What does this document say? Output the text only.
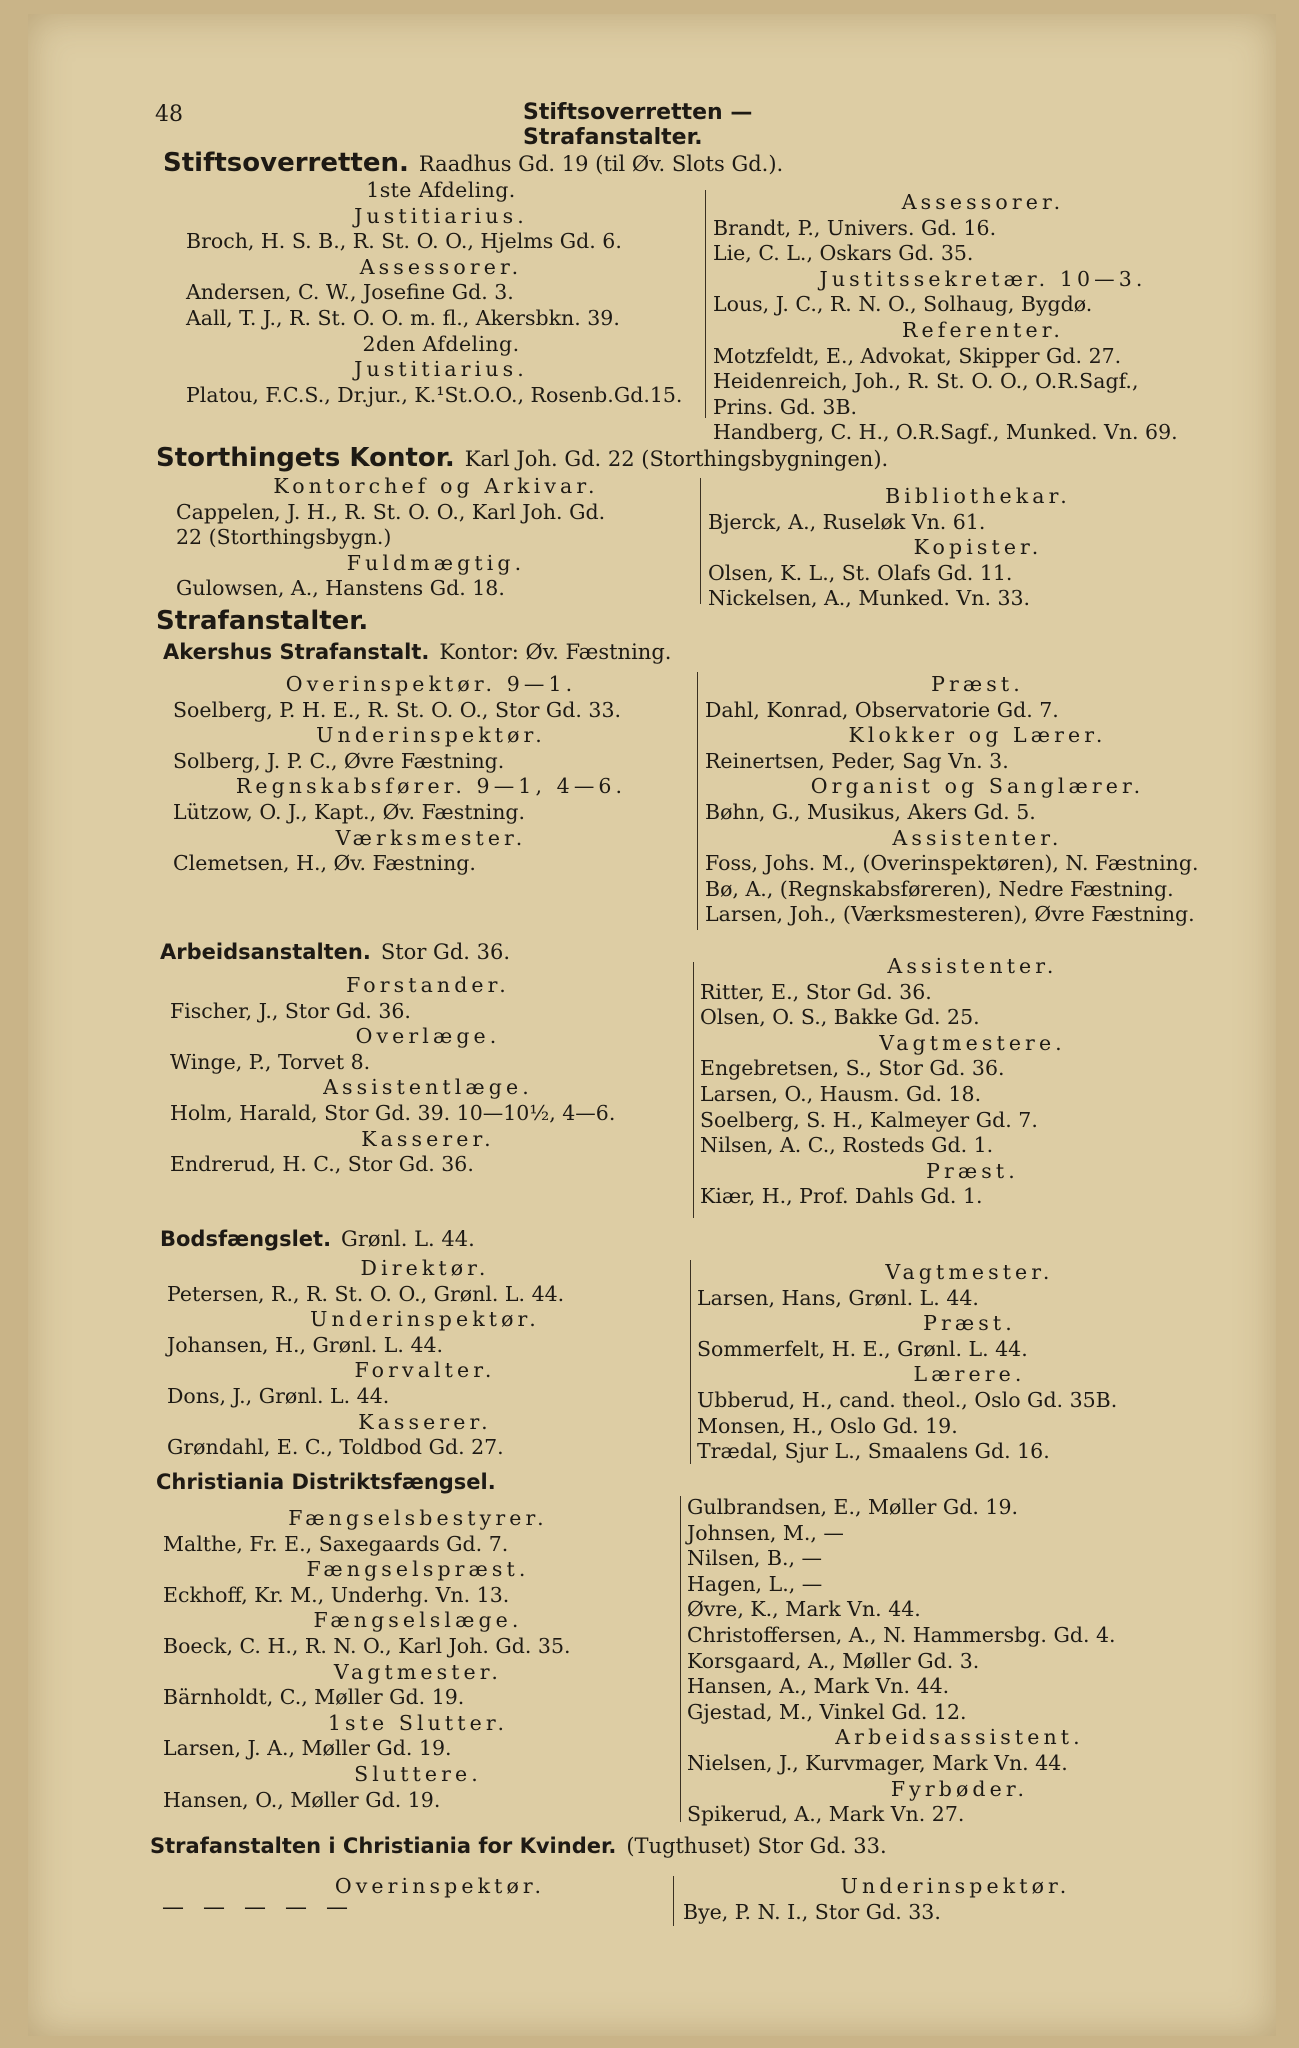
48	Stiftsoverretten — Strafanstalter.
Stiftsoverretten. Raadhus Gd. 19 (til Øv. Slots Gd.).
Storthingets Kontor. Karl Joh. Gd. 22 (Storthingsbygningen).
Strafanstalter.
Akershus Strafanstalt. Kontor: Øv. Fæstning.
Arbeidsanstalten. Stor Gd. 36.
Bodsfængslet. Grønl. L. 44.
Christiania Distriktsfængsel.
Strafanstalten i Christiania for Kvinder. (Tugthuset) Stor Gd. 33.
1ste Afdeling.
Justitiarius.
Broch, H. S. B., R. St. O. O., Hjelms Gd. 6.
Assessorer.
Andersen, C. W., Josefine Gd. 3.
Aall, T. J., R. St. O. O. m. fl., Akersbkn. 39.
2den Afdeling.
Justitiarius.
Platou, F.C.S., Dr.jur., K.¹St.O.O., Rosenb.Gd.15.
Assessorer.
Brandt, P., Univers. Gd. 16.
Lie, C. L., Oskars Gd. 35.
Justitssekretær. 10—3.
Lous, J. C., R. N. O., Solhaug, Bygdø.
Referenter.
Motzfeldt, E., Advokat, Skipper Gd. 27.
Heidenreich, Joh., R. St. O. O., O.R.Sagf.,
Prins. Gd. 3B.
Handberg, C. H., O.R.Sagf., Munked. Vn. 69.
Kontorchef og Arkivar.
Cappelen, J. H., R. St. O. O., Karl Joh. Gd.
22 (Storthingsbygn.)
Fuldmægtig.
Gulowsen, A., Hanstens Gd. 18.
Bibliothekar.
Bjerck, A., Ruseløk Vn. 61.
Kopister.
Olsen, K. L., St. Olafs Gd. 11.
Nickelsen, A., Munked. Vn. 33.
Overinspektør. 9—1.
Soelberg, P. H. E., R. St. O. O., Stor Gd. 33.
Underinspektør.
Solberg, J. P. C., Øvre Fæstning.
Regnskabsfører. 9—1, 4—6.
Lützow, O. J., Kapt., Øv. Fæstning.
Værksmester.
Clemetsen, H., Øv. Fæstning.
Præst.
Dahl, Konrad, Observatorie Gd. 7.
Klokker og Lærer.
Reinertsen, Peder, Sag Vn. 3.
Organist og Sanglærer.
Bøhn, G., Musikus, Akers Gd. 5.
Assistenter.
Foss, Johs. M., (Overinspektøren), N. Fæstning.
Bø, A., (Regnskabsføreren), Nedre Fæstning.
Larsen, Joh., (Værksmesteren), Øvre Fæstning.
Forstander.
Fischer, J., Stor Gd. 36.
Overlæge.
Winge, P., Torvet 8.
Assistentlæge.
Holm, Harald, Stor Gd. 39. 10—10½, 4—6.
Kasserer.
Endrerud, H. C., Stor Gd. 36.
Assistenter.
Ritter, E., Stor Gd. 36.
Olsen, O. S., Bakke Gd. 25.
Vagtmestere.
Engebretsen, S., Stor Gd. 36.
Larsen, O., Hausm. Gd. 18.
Soelberg, S. H., Kalmeyer Gd. 7.
Nilsen, A. C., Rosteds Gd. 1.
Præst.
Kiær, H., Prof. Dahls Gd. 1.
Direktør.
Petersen, R., R. St. O. O., Grønl. L. 44.
Underinspektør.
Johansen, H., Grønl. L. 44.
Forvalter.
Dons, J., Grønl. L. 44.
Kasserer.
Grøndahl, E. C., Toldbod Gd. 27.
Vagtmester.
Larsen, Hans, Grønl. L. 44.
Præst.
Sommerfelt, H. E., Grønl. L. 44.
Lærere.
Ubberud, H., cand. theol., Oslo Gd. 35B.
Monsen, H., Oslo Gd. 19.
Trædal, Sjur L., Smaalens Gd. 16.
Fængselsbestyrer.
Malthe, Fr. E., Saxegaards Gd. 7.
Fængselspræst.
Eckhoff, Kr. M., Underhg. Vn. 13.
Fængselslæge.
Boeck, C. H., R. N. O., Karl Joh. Gd. 35.
Vagtmester.
Bärnholdt, C., Møller Gd. 19.
1ste Slutter.
Larsen, J. A., Møller Gd. 19.
Sluttere.
Hansen, O., Møller Gd. 19.
Gulbrandsen, E., Møller Gd. 19.
Johnsen, M., —
Nilsen, B., —
Hagen, L., —
Øvre, K., Mark Vn. 44.
Christoffersen, A., N. Hammersbg. Gd. 4.
Korsgaard, A., Møller Gd. 3.
Hansen, A., Mark Vn. 44.
Gjestad, M., Vinkel Gd. 12.
Arbeidsassistent.
Nielsen, J., Kurvmager, Mark Vn. 44.
Fyrbøder.
Spikerud, A., Mark Vn. 27.
Overinspektør.	Underinspektør.
Bye, P. N. I., Stor Gd. 33.
— — — — —
